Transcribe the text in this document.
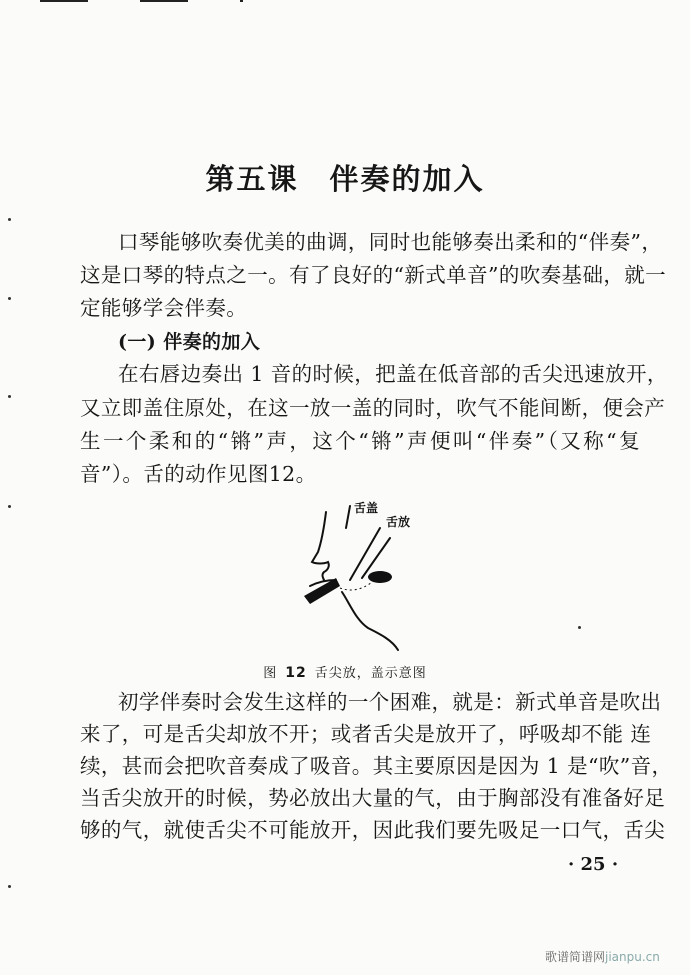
第五课　伴奏的加入
口琴能够吹奏优美的曲调，同时也能够奏出柔和的“伴奏”，
这是口琴的特点之一。有了良好的“新式单音”的吹奏基础，就一
定能够学会伴奏。
(一) 伴奏的加入
在右唇边奏出 1 音的时候，把盖在低音部的舌尖迅速放开，
又立即盖住原处，在这一放一盖的同时，吹气不能间断，便会产
生一个柔和的“锵”声，这个“锵”声便叫“伴奏”（又称“复
音”）。舌的动作见图12。
舌盖
舌放
图 12 舌尖放，盖示意图
初学伴奏时会发生这样的一个困难，就是：新式单音是吹出
来了，可是舌尖却放不开；或者舌尖是放开了，呼吸却不能 连
续，甚而会把吹音奏成了吸音。其主要原因是因为 1 是“吹”音，
当舌尖放开的时候，势必放出大量的气，由于胸部没有准备好足
够的气，就使舌尖不可能放开，因此我们要先吸足一口气，舌尖
· 25 ·
歌谱简谱网jianpu.cn
